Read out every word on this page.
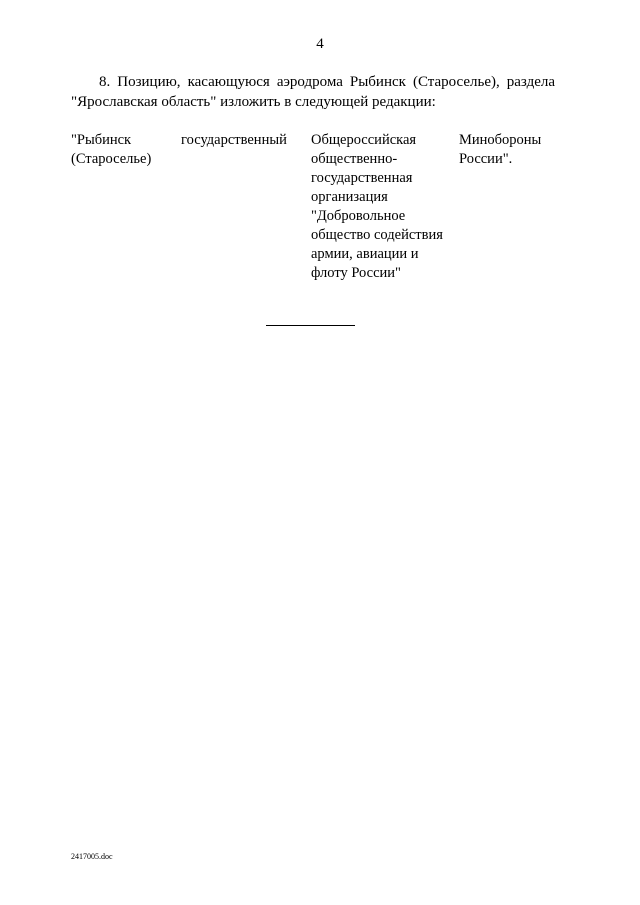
4
8. Позицию, касающуюся аэродрома Рыбинск (Староселье), раздела "Ярославская область" изложить в следующей редакции:
"Рыбинск
(Староселье)
государственный	Общероссийская
общественно-
государственная
организация
"Добровольное
общество содействия
армии, авиации и
флоту России"
Минобороны
России".
2417005.doc
